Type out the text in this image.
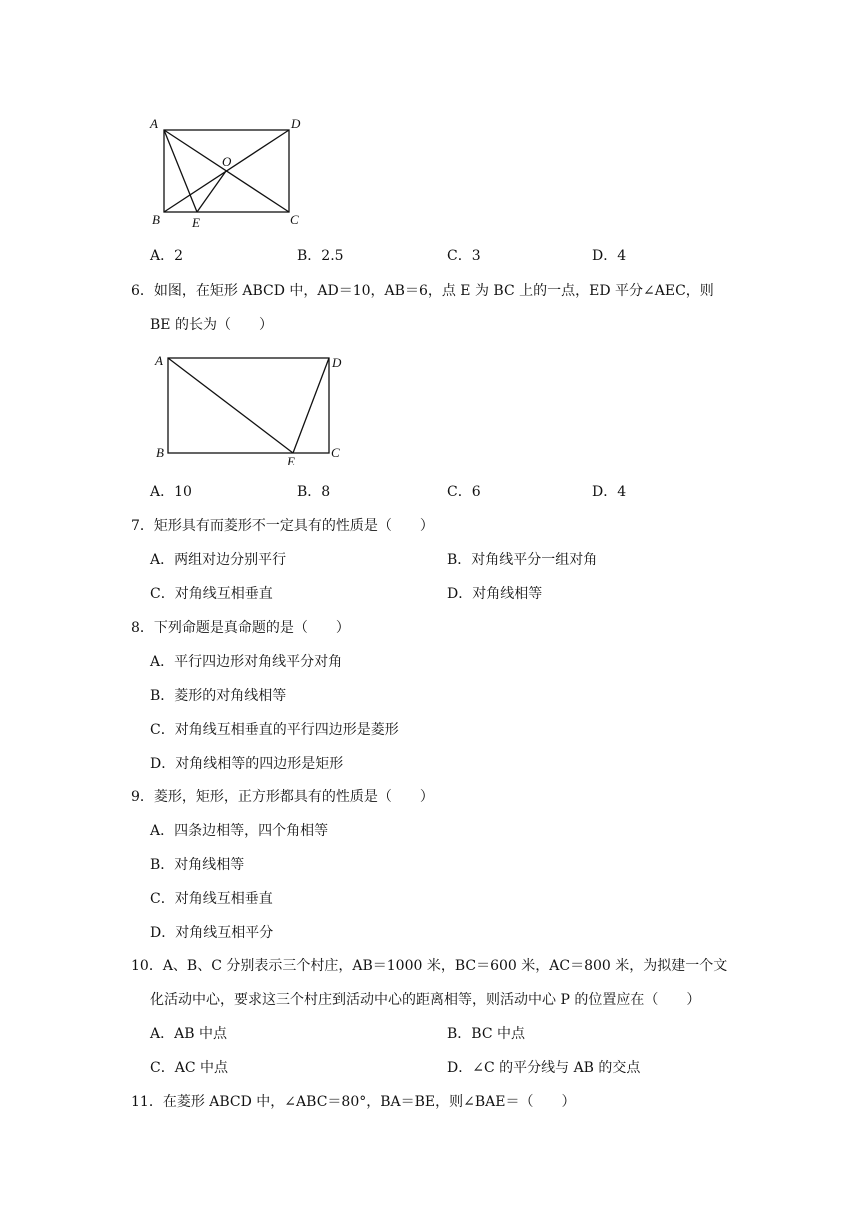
A	D
O
B E	C
A．2	B．2.5	C．3	D．4
6．如图，在矩形 ABCD 中，AD＝10，AB＝6，点 E 为 BC 上的一点，ED 平分∠AEC，则
BE 的长为（　　）
A	D
B
E
C
A．10	B．8	C．6	D．4
7．矩形具有而菱形不一定具有的性质是（　　）
A．两组对边分别平行	B．对角线平分一组对角
C．对角线互相垂直	D．对角线相等
8．下列命题是真命题的是（　　）
A．平行四边形对角线平分对角
B．菱形的对角线相等
C．对角线互相垂直的平行四边形是菱形
D．对角线相等的四边形是矩形
9．菱形，矩形，正方形都具有的性质是（　　）
A．四条边相等，四个角相等
B．对角线相等
C．对角线互相垂直
D．对角线互相平分
10．A、B、C 分别表示三个村庄，AB＝1000 米，BC＝600 米，AC＝800 米，为拟建一个文
化活动中心，要求这三个村庄到活动中心的距离相等，则活动中心 P 的位置应在（　　）
A．AB 中点	B．BC 中点
C．AC 中点	D．∠C 的平分线与 AB 的交点
11．在菱形 ABCD 中，∠ABC＝80°，BA＝BE，则∠BAE＝（　　）
